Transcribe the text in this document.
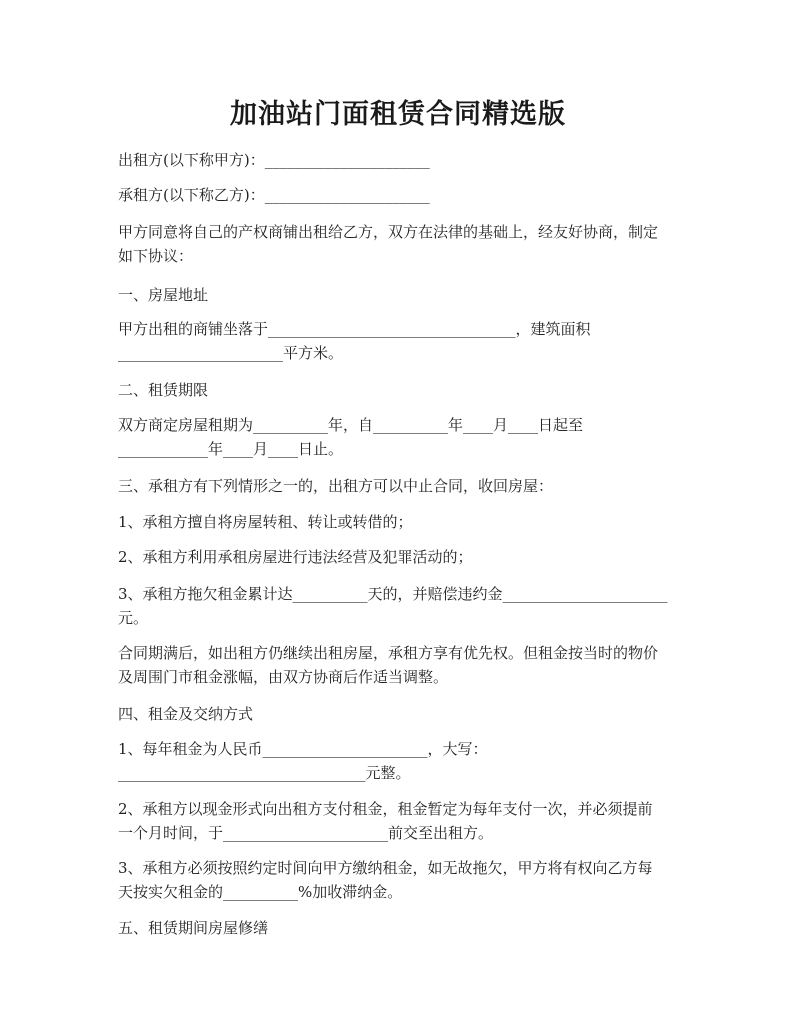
加油站门面租赁合同精选版
出租方(以下称甲方)：______________________
承租方(以下称乙方)：______________________
甲方同意将自己的产权商铺出租给乙方，双方在法律的基础上，经友好协商，制定
如下协议：
一、房屋地址
甲方出租的商铺坐落于_________________________________，建筑面积
______________________平方米。
二、租赁期限
双方商定房屋租期为__________年，自__________年____月____日起至
____________年____月____日止。
三、承租方有下列情形之一的，出租方可以中止合同，收回房屋：
1、承租方擅自将房屋转租、转让或转借的；
2、承租方利用承租房屋进行违法经营及犯罪活动的；
3、承租方拖欠租金累计达__________天的，并赔偿违约金______________________
元。
合同期满后，如出租方仍继续出租房屋，承租方享有优先权。但租金按当时的物价
及周围门市租金涨幅，由双方协商后作适当调整。
四、租金及交纳方式
1、每年租金为人民币______________________，大写：
_________________________________元整。
2、承租方以现金形式向出租方支付租金，租金暂定为每年支付一次，并必须提前
一个月时间，于______________________前交至出租方。
3、承租方必须按照约定时间向甲方缴纳租金，如无故拖欠，甲方将有权向乙方每
天按实欠租金的__________%加收滞纳金。
五、租赁期间房屋修缮
